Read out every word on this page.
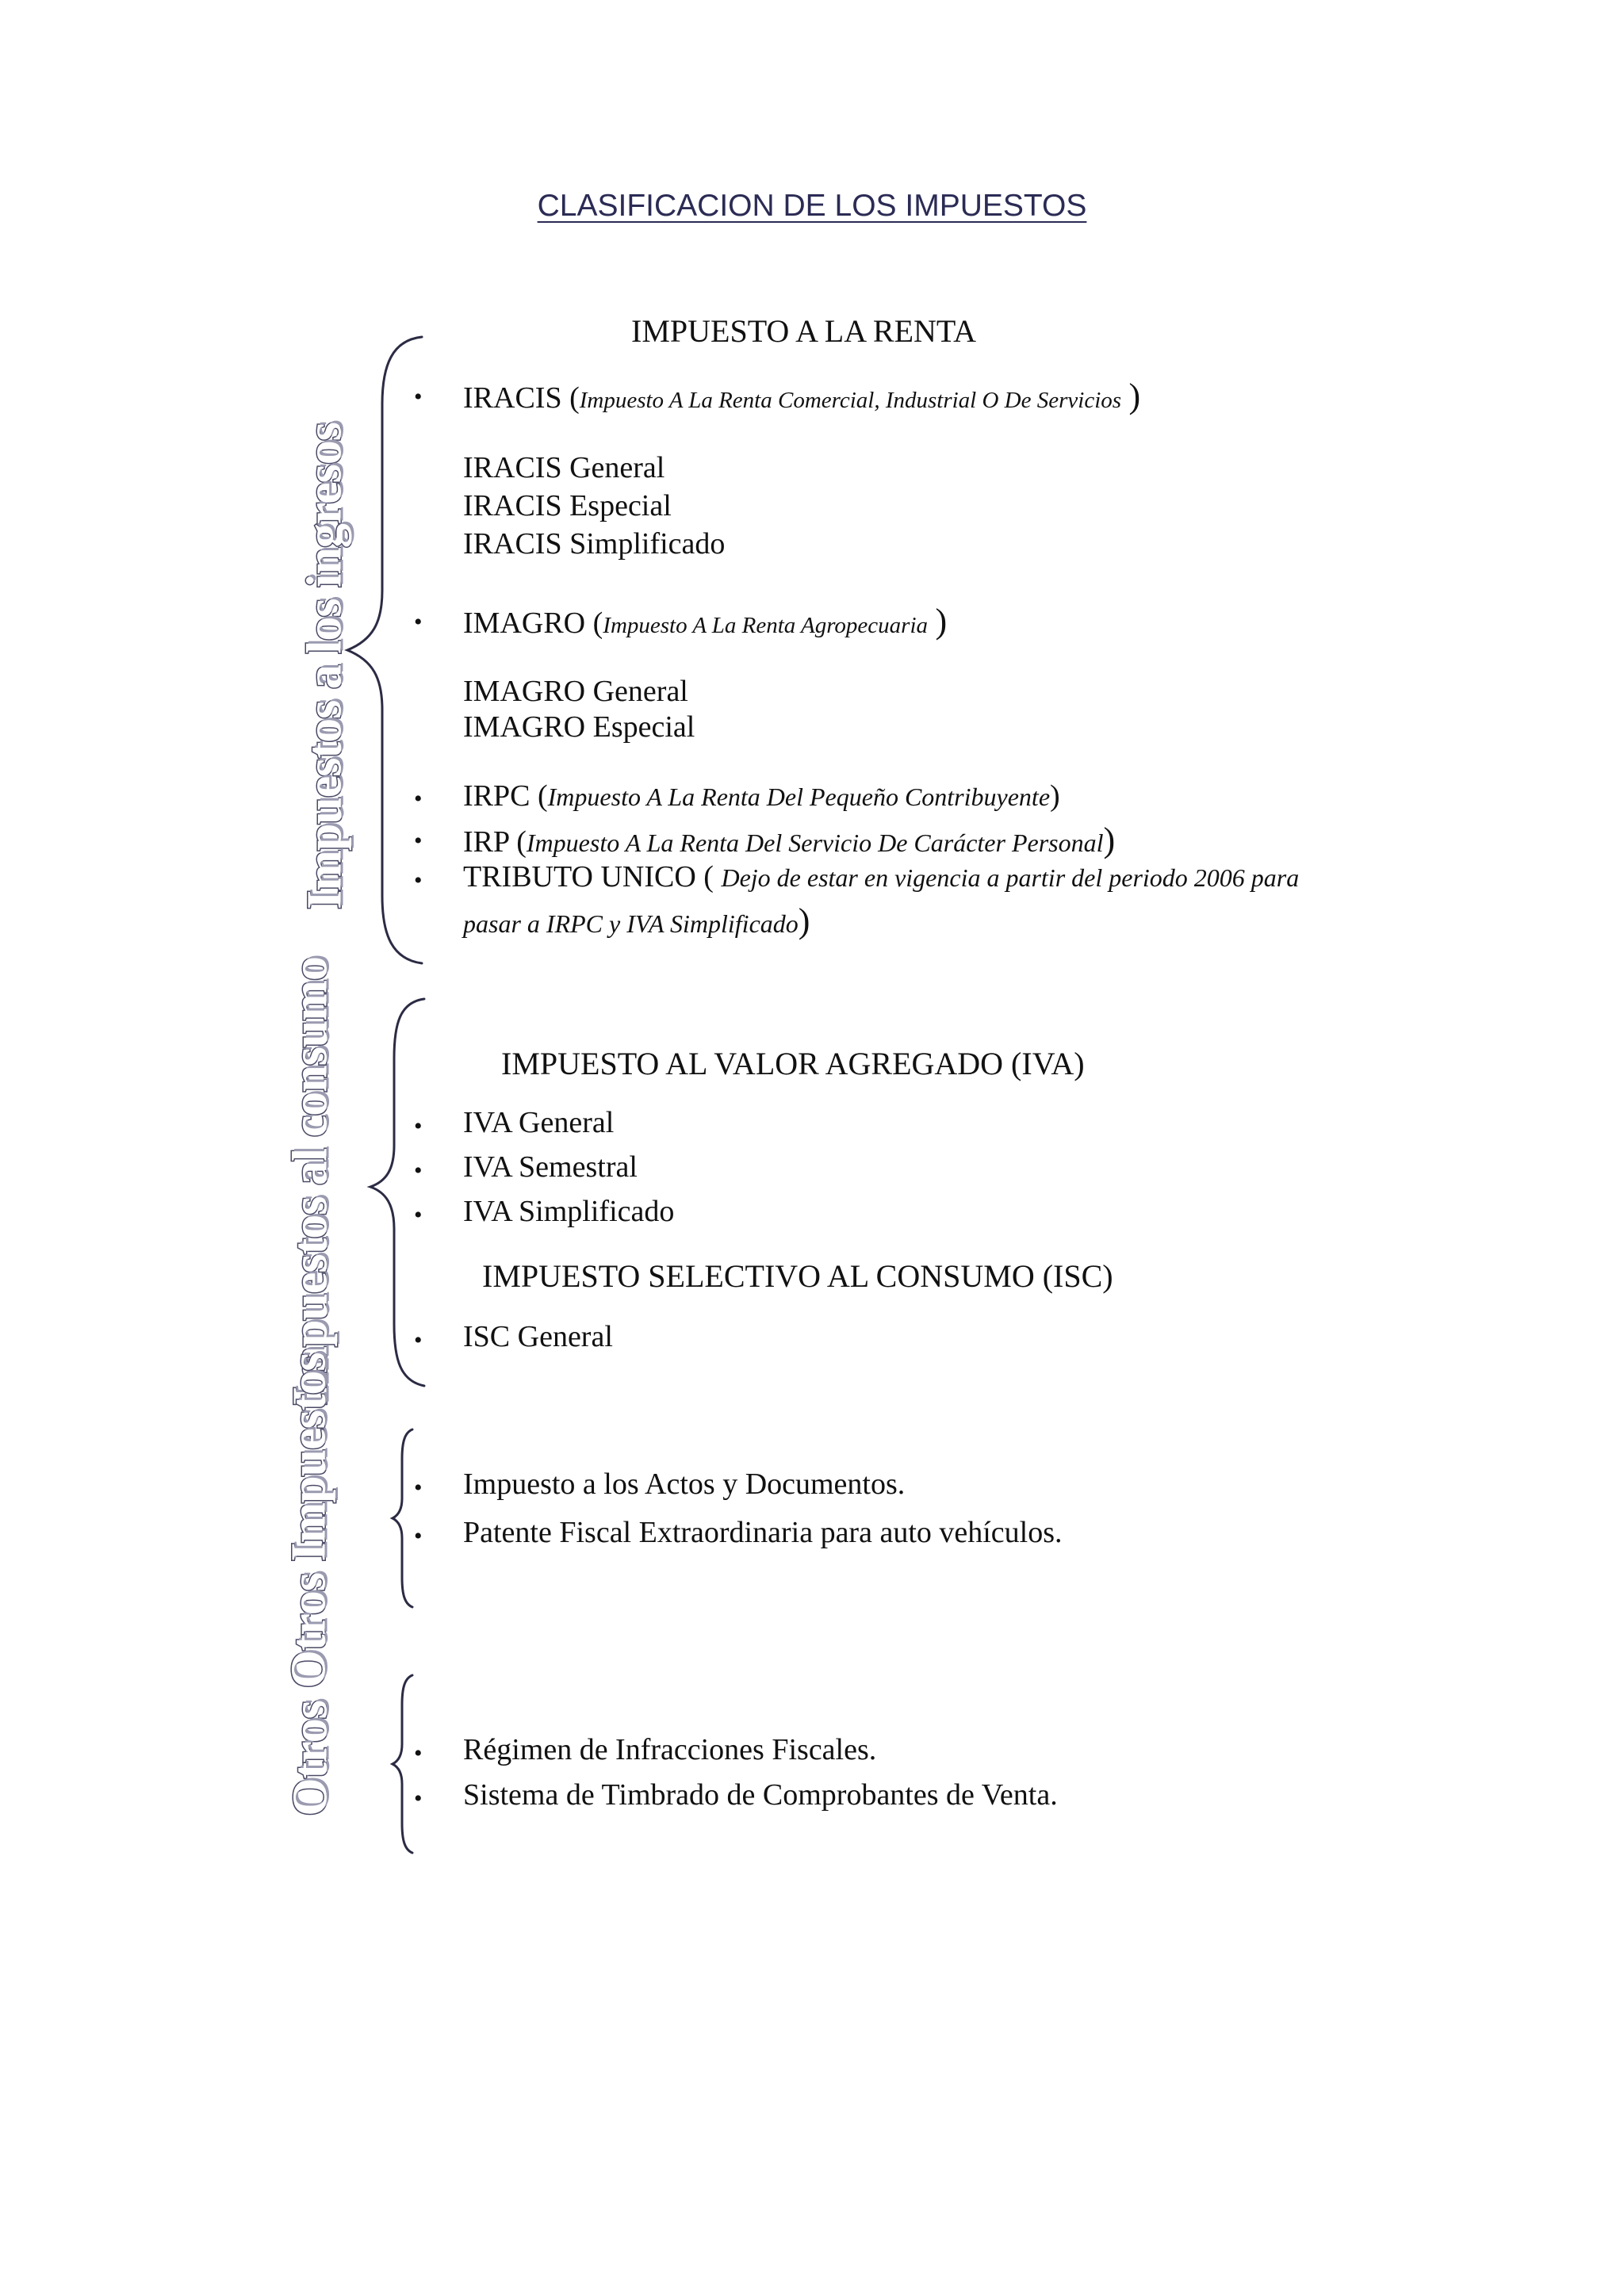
CLASIFICACION DE LOS IMPUESTOS
Impuestos a los ingresos
IMPUESTO A LA RENTA
• IRACIS (Impuesto A La Renta Comercial, Industrial O De Servicios )
IRACIS General
IRACIS Especial
IRACIS Simplificado
• IMAGRO (Impuesto A La Renta Agropecuaria )
IMAGRO General
IMAGRO Especial
• IRPC (Impuesto A La Renta Del Pequeño Contribuyente)
• IRP (Impuesto A La Renta Del Servicio De Carácter Personal)
• TRIBUTO UNICO ( Dejo de estar en vigencia a partir del periodo 2006 para
pasar a IRPC y IVA Simplificado)
Impuestos al consumo	IMPUESTO AL VALOR AGREGADO (IVA)
• IVA General
• IVA Semestral
• IVA Simplificado
IMPUESTO SELECTIVO AL CONSUMO (ISC)
• ISC General
Otros Impuestos	• Impuesto a los Actos y Documentos.
• Patente Fiscal Extraordinaria para auto vehículos.
Otros	• Régimen de Infracciones Fiscales.
• Sistema de Timbrado de Comprobantes de Venta.
